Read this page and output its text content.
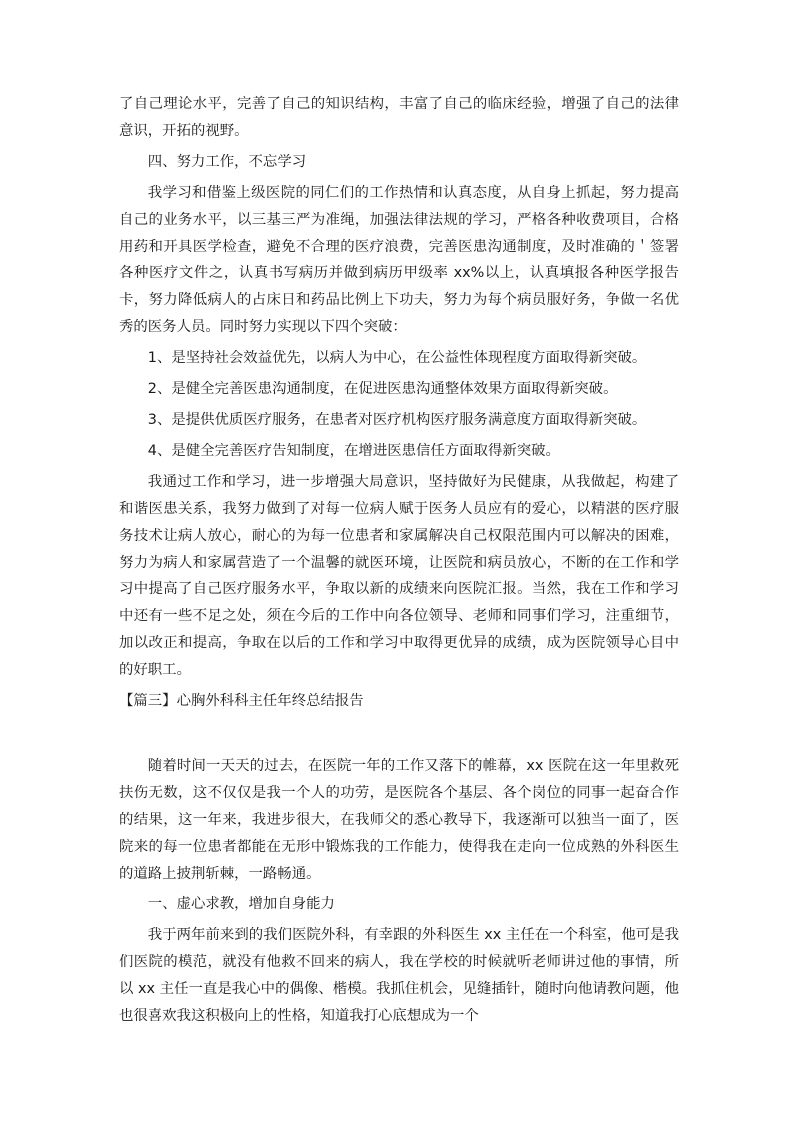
了自己理论水平，完善了自己的知识结构，丰富了自己的临床经验，增强了自己的法律意识，开拓的视野。

四、努力工作，不忘学习

我学习和借鉴上级医院的同仁们的工作热情和认真态度，从自身上抓起，努力提高自己的业务水平，以三基三严为准绳，加强法律法规的学习，严格各种收费项目，合格用药和开具医学检查，避免不合理的医疗浪费，完善医患沟通制度，及时准确的＇签署各种医疗文件之，认真书写病历并做到病历甲级率 xx%以上，认真填报各种医学报告卡，努力降低病人的占床日和药品比例上下功夫，努力为每个病员服好务，争做一名优秀的医务人员。同时努力实现以下四个突破：

1、是坚持社会效益优先，以病人为中心，在公益性体现程度方面取得新突破。

2、是健全完善医患沟通制度，在促进医患沟通整体效果方面取得新突破。

3、是提供优质医疗服务，在患者对医疗机构医疗服务满意度方面取得新突破。

4、是健全完善医疗告知制度，在增进医患信任方面取得新突破。

我通过工作和学习，进一步增强大局意识，坚持做好为民健康，从我做起，构建了和谐医患关系，我努力做到了对每一位病人赋于医务人员应有的爱心，以精湛的医疗服务技术让病人放心，耐心的为每一位患者和家属解决自己权限范围内可以解决的困难，努力为病人和家属营造了一个温馨的就医环境，让医院和病员放心，不断的在工作和学习中提高了自己医疗服务水平，争取以新的成绩来向医院汇报。当然，我在工作和学习中还有一些不足之处，须在今后的工作中向各位领导、老师和同事们学习，注重细节，加以改正和提高，争取在以后的工作和学习中取得更优异的成绩，成为医院领导心目中的好职工。

【篇三】心胸外科科主任年终总结报告

随着时间一天天的过去，在医院一年的工作又落下的帷幕，xx 医院在这一年里救死扶伤无数，这不仅仅是我一个人的功劳，是医院各个基层、各个岗位的同事一起奋合作的结果，这一年来，我进步很大，在我师父的悉心教导下，我逐渐可以独当一面了，医院来的每一位患者都能在无形中锻炼我的工作能力，使得我在走向一位成熟的外科医生的道路上披荆斩棘，一路畅通。

一、虚心求教，增加自身能力

我于两年前来到的我们医院外科，有幸跟的外科医生 xx 主任在一个科室，他可是我们医院的模范，就没有他救不回来的病人，我在学校的时候就听老师讲过他的事情，所以 xx 主任一直是我心中的偶像、楷模。我抓住机会，见缝插针，随时向他请教问题，他也很喜欢我这积极向上的性格，知道我打心底想成为一个
